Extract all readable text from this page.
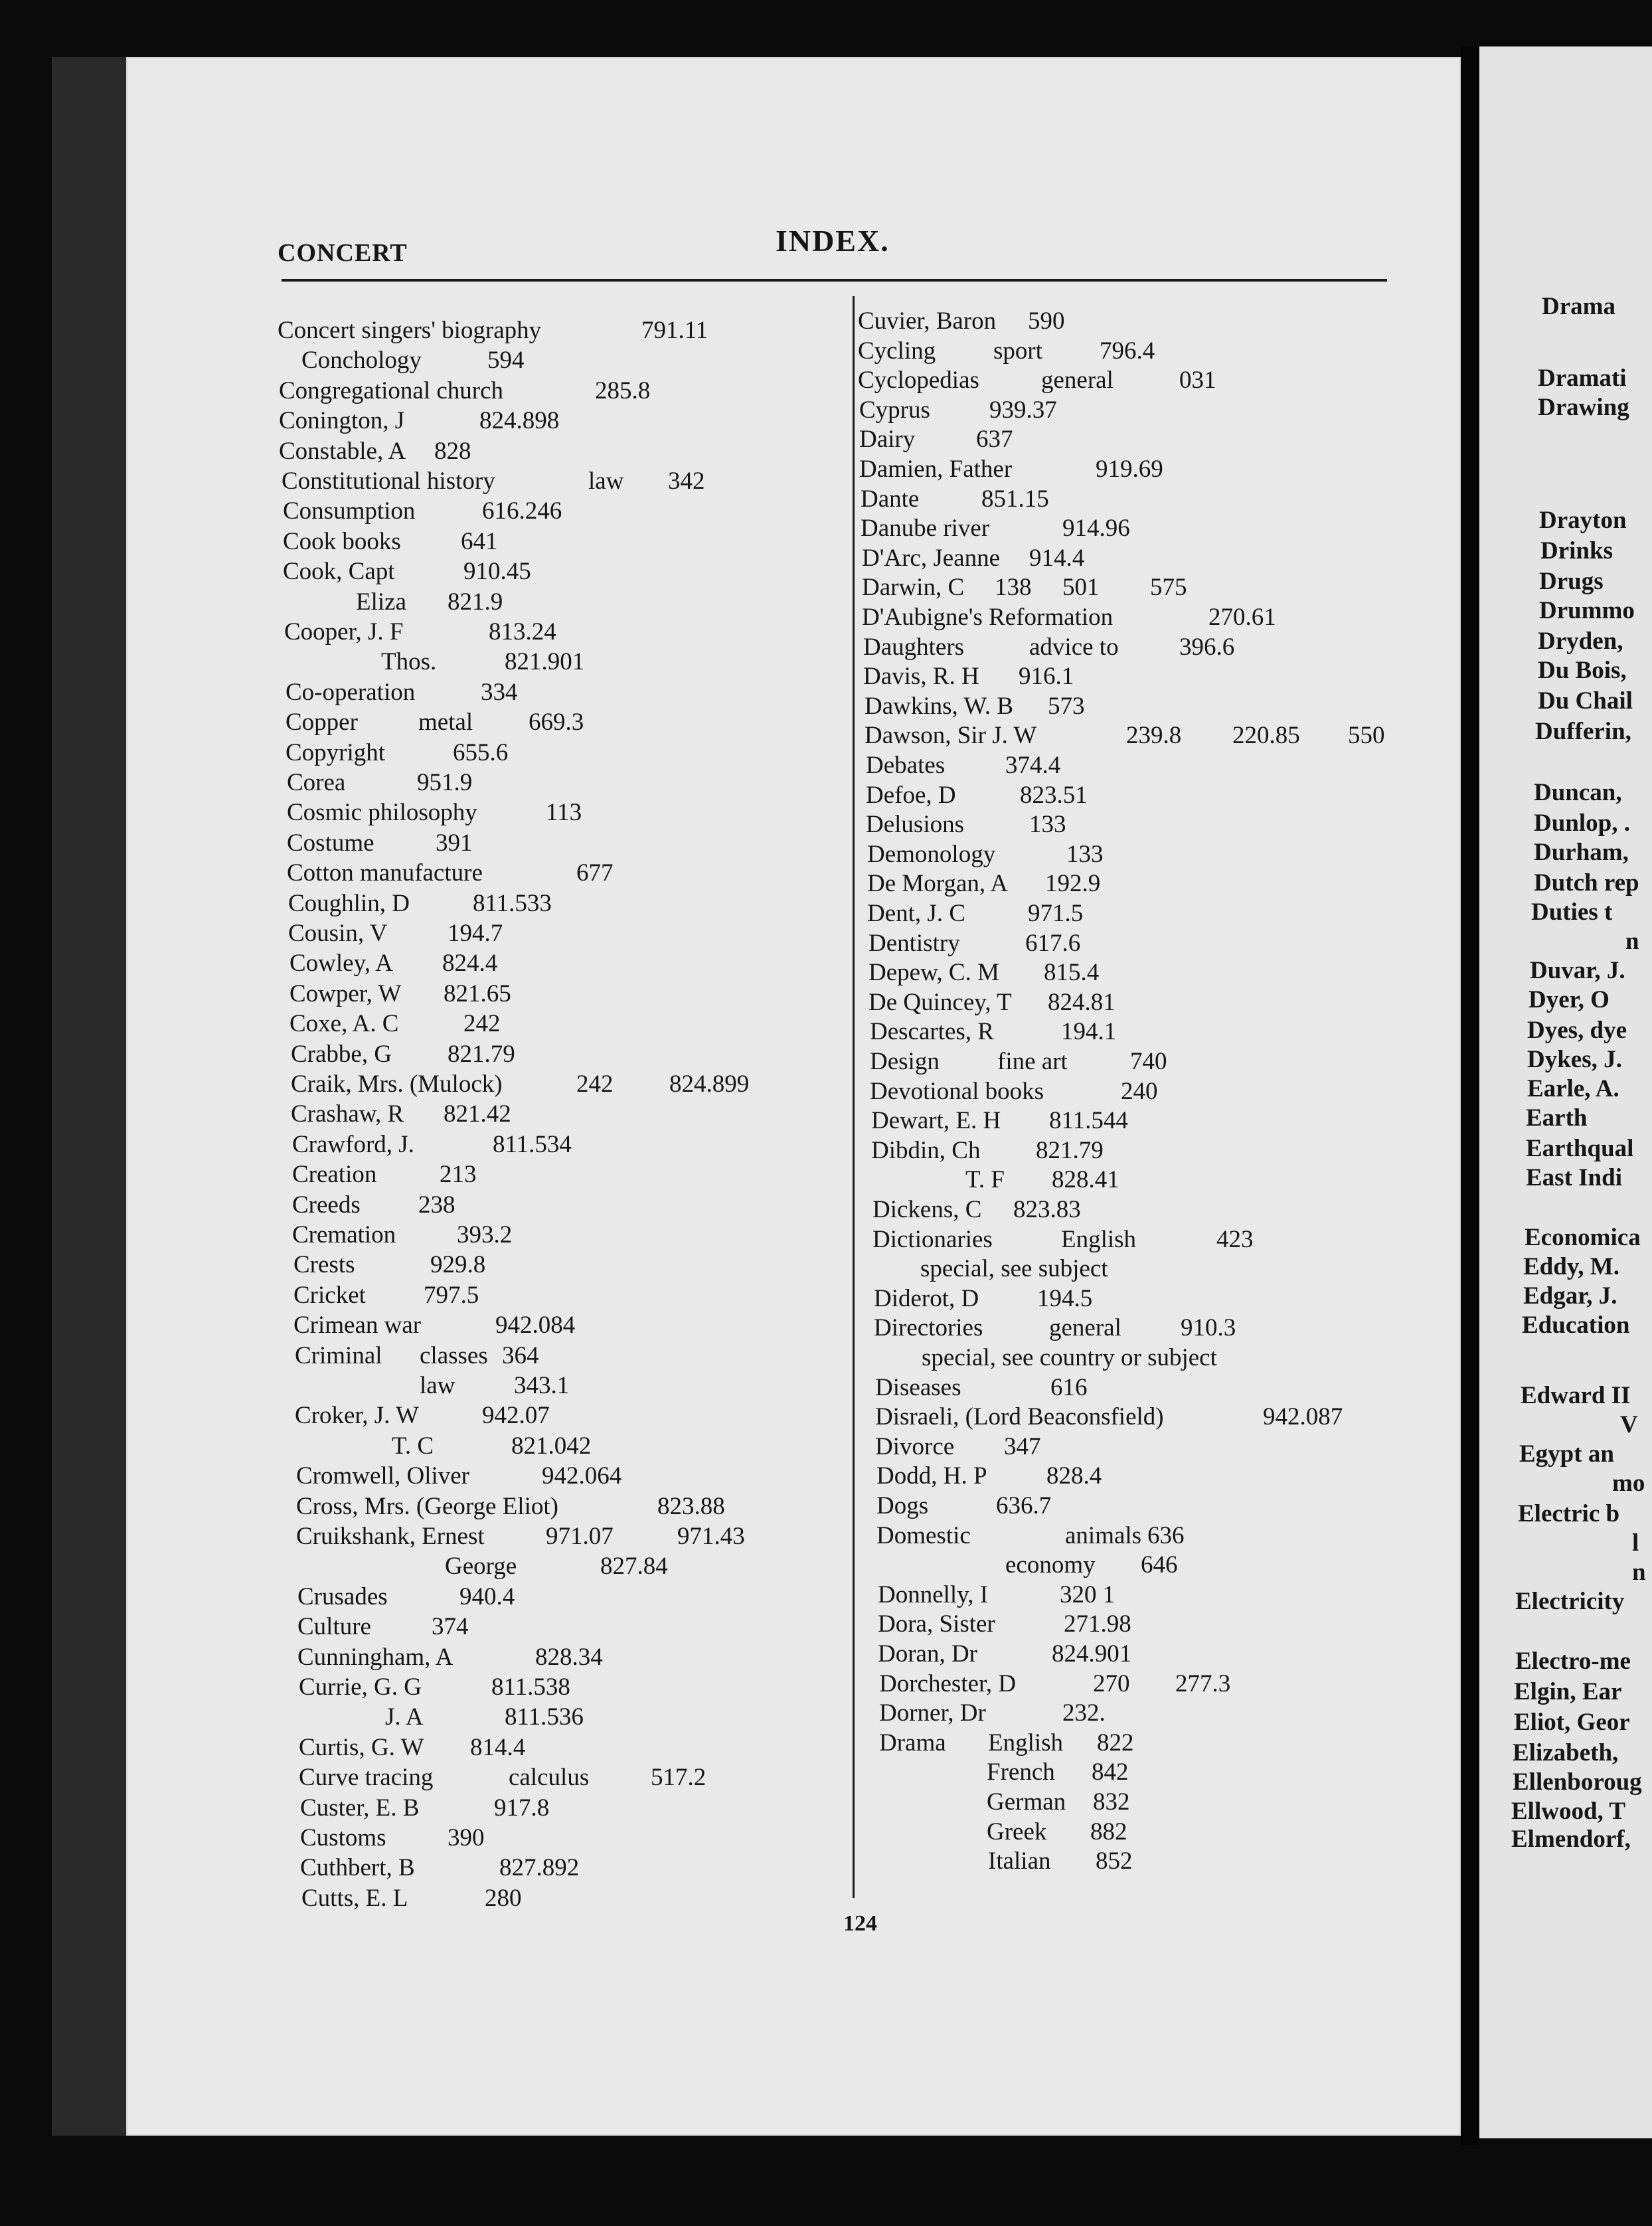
CONCERT	INDEX.
124
Concert singers' biography	791.11
Conchology	594
Congregational church	285.8
Conington, J	824.898
Constable, A 828
Constitutional history	law 342
Consumption	616.246
Cook books 641
Cook, Capt	910.45
Eliza 821.9
Cooper, J. F	813.24
Thos.	821.901
Co-operation	334
Copper metal 669.3
Copyright	655.6
Corea	951.9
Cosmic philosophy	113
Costume 391
Cotton manufacture	677
Coughlin, D	811.533
Cousin, V 194.7
Cowley, A 824.4
Cowper, W 821.65
Coxe, A. C	242
Crabbe, G 821.79
Craik, Mrs. (Mulock)	242 824.899
Crashaw, R 821.42
Crawford, J.	811.534
Creation	213
Creeds 238
Cremation 393.2
Crests	929.8
Cricket 797.5
Crimean war	942.084
Criminal classes 364
law 343.1
Croker, J. W	942.07
T. C	821.042
Cromwell, Oliver	942.064
Cross, Mrs. (George Eliot)	823.88
Cruikshank, Ernest 971.07	971.43
George	827.84
Crusades	940.4
Culture 374
Cunningham, A	828.34
Currie, G. G	811.538
J. A	811.536
Curtis, G. W 814.4
Curve tracing	calculus	517.2
Custer, E. B	917.8
Customs 390
Cuthbert, B	827.892
Cutts, E. L	280
Cuvier, Baron 590
Cycling sport 796.4
Cyclopedias	general	031
Cyprus 939.37
Dairy 637
Damien, Father	919.69
Dante	851.15
Danube river	914.96
D'Arc, Jeanne 914.4
Darwin, C 138 501 575
D'Aubigne's Reformation	270.61
Daughters	advice to 396.6
Davis, R. H 916.1
Dawkins, W. B 573
Dawson, Sir J. W	239.8 220.85 550
Debates 374.4
Defoe, D	823.51
Delusions	133
Demonology	133
De Morgan, A 192.9
Dent, J. C	971.5
Dentistry	617.6
Depew, C. M 815.4
De Quincey, T 824.81
Descartes, R	194.1
Design fine art	740
Devotional books	240
Dewart, E. H 811.544
Dibdin, Ch 821.79
T. F 828.41
Dickens, C 823.83
Dictionaries	English	423
special, see subject
Diderot, D 194.5
Directories	general 910.3
special, see country or subject
Diseases	616
Disraeli, (Lord Beaconsfield)	942.087
Divorce 347
Dodd, H. P 828.4
Dogs	636.7
Domestic	animals 636
economy 646
Donnelly, I	320 1
Dora, Sister	271.98
Doran, Dr	824.901
Dorchester, D	270 277.3
Dorner, Dr	232.
Drama English 822
French 842
German 832
Greek 882
Italian 852
Drama
Dramati
Drawing
Drayton
Drinks
Drugs
Drummo
Dryden,
Du Bois,
Du Chail
Dufferin,
Duncan,
Dunlop, .
Durham,
Dutch rep
Duties t
n
Duvar, J.
Dyer, O
Dyes, dye
Dykes, J.
Earle, A.
Earth
Earthqual
East Indi
Economica
Eddy, M.
Edgar, J.
Education
Edward II
V
Egypt an
mo
Electric b
l
n
Electricity
Electro-me
Elgin, Ear
Eliot, Geor
Elizabeth,
Ellenboroug
Ellwood, T
Elmendorf,
